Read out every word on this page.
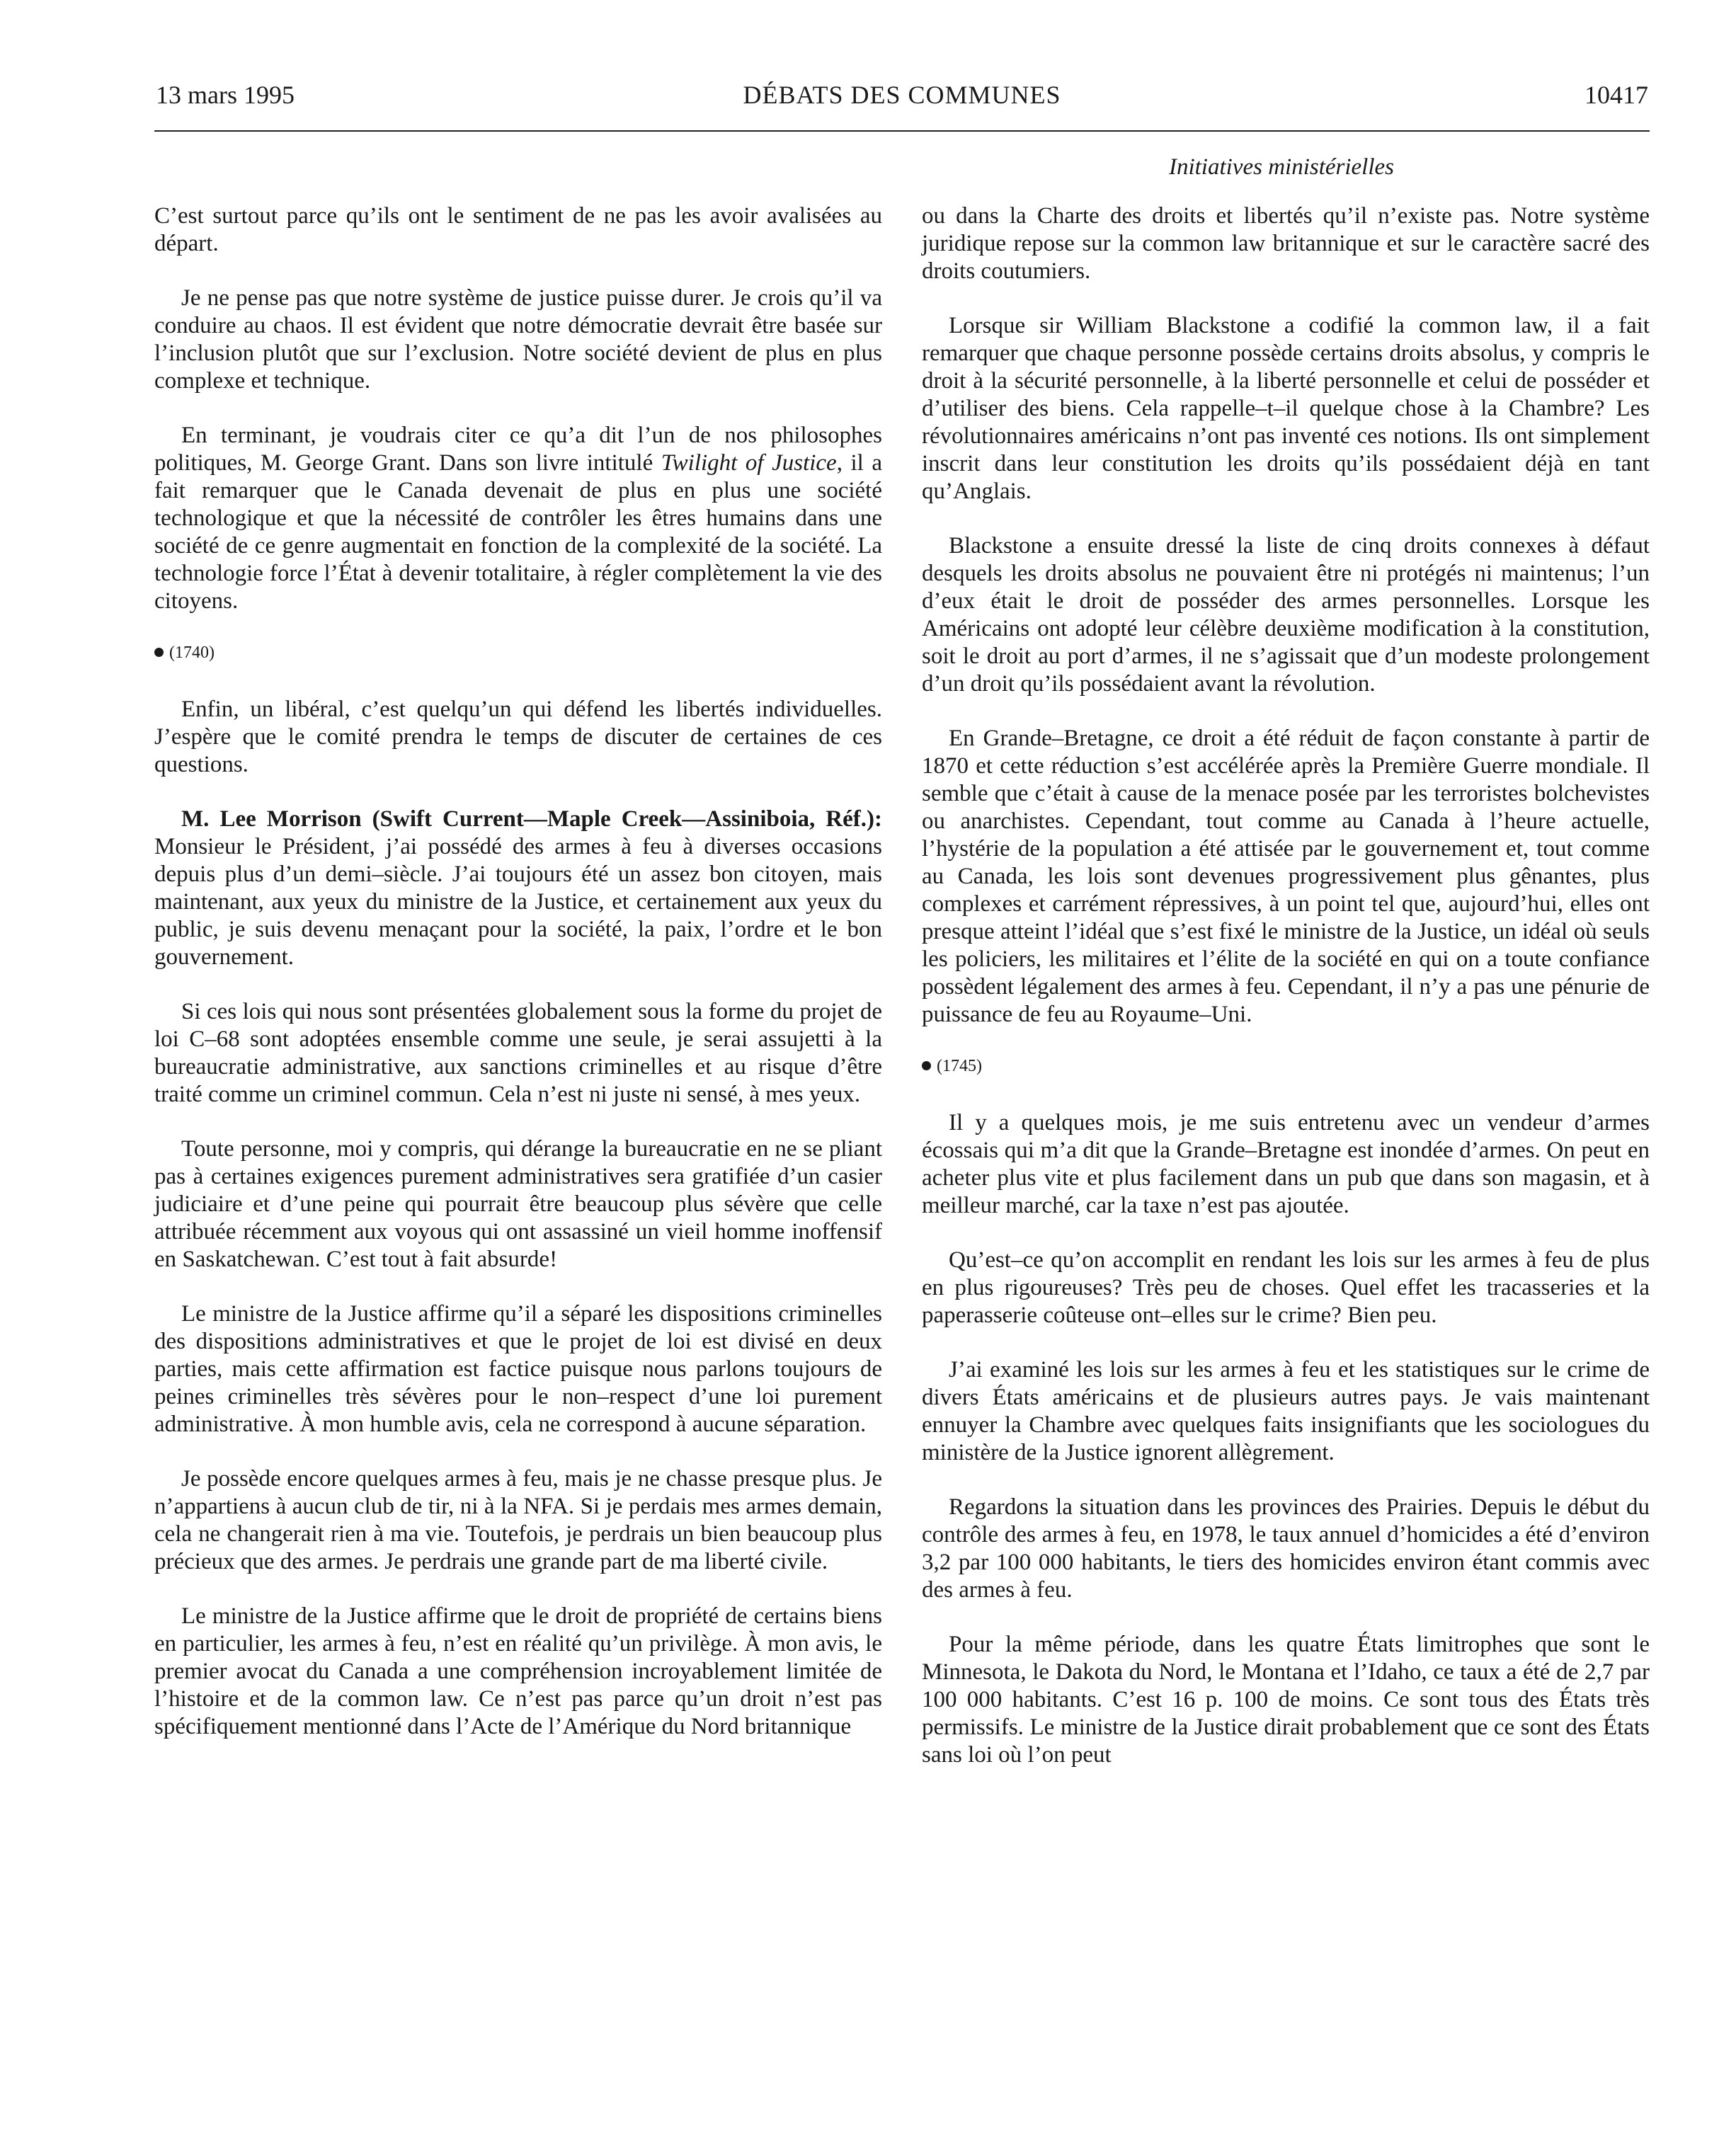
13 mars 1995	DÉBATS DES COMMUNES	10417
Initiatives ministérielles

C’est surtout parce qu’ils ont le sentiment de ne pas les avoir avalisées au départ.

Je ne pense pas que notre système de justice puisse durer. Je crois qu’il va conduire au chaos. Il est évident que notre démocratie devrait être basée sur l’inclusion plutôt que sur l’exclusion. Notre société devient de plus en plus complexe et technique.

En terminant, je voudrais citer ce qu’a dit l’un de nos philosophes politiques, M. George Grant. Dans son livre intitulé Twilight of Justice, il a fait remarquer que le Canada devenait de plus en plus une société technologique et que la nécessité de contrôler les êtres humains dans une société de ce genre augmentait en fonction de la complexité de la société. La technologie force l’État à devenir totalitaire, à régler complètement la vie des citoyens.

(1740)

Enfin, un libéral, c’est quelqu’un qui défend les libertés individuelles. J’espère que le comité prendra le temps de discuter de certaines de ces questions.

M. Lee Morrison (Swift Current—Maple Creek—Assiniboia, Réf.): Monsieur le Président, j’ai possédé des armes à feu à diverses occasions depuis plus d’un demi–siècle. J’ai toujours été un assez bon citoyen, mais maintenant, aux yeux du ministre de la Justice, et certainement aux yeux du public, je suis devenu menaçant pour la société, la paix, l’ordre et le bon gouvernement.

Si ces lois qui nous sont présentées globalement sous la forme du projet de loi C–68 sont adoptées ensemble comme une seule, je serai assujetti à la bureaucratie administrative, aux sanctions criminelles et au risque d’être traité comme un criminel commun. Cela n’est ni juste ni sensé, à mes yeux.

Toute personne, moi y compris, qui dérange la bureaucratie en ne se pliant pas à certaines exigences purement administratives sera gratifiée d’un casier judiciaire et d’une peine qui pourrait être beaucoup plus sévère que celle attribuée récemment aux voyous qui ont assassiné un vieil homme inoffensif en Saskatchewan. C’est tout à fait absurde!

Le ministre de la Justice affirme qu’il a séparé les dispositions criminelles des dispositions administratives et que le projet de loi est divisé en deux parties, mais cette affirmation est factice puisque nous parlons toujours de peines criminelles très sévères pour le non–respect d’une loi purement administrative. À mon humble avis, cela ne correspond à aucune séparation.

Je possède encore quelques armes à feu, mais je ne chasse presque plus. Je n’appartiens à aucun club de tir, ni à la NFA. Si je perdais mes armes demain, cela ne changerait rien à ma vie. Toutefois, je perdrais un bien beaucoup plus précieux que des armes. Je perdrais une grande part de ma liberté civile.

Le ministre de la Justice affirme que le droit de propriété de certains biens en particulier, les armes à feu, n’est en réalité qu’un privilège. À mon avis, le premier avocat du Canada a une compréhension incroyablement limitée de l’histoire et de la common law. Ce n’est pas parce qu’un droit n’est pas spécifiquement mentionné dans l’Acte de l’Amérique du Nord britannique

ou dans la Charte des droits et libertés qu’il n’existe pas. Notre système juridique repose sur la common law britannique et sur le caractère sacré des droits coutumiers.

Lorsque sir William Blackstone a codifié la common law, il a fait remarquer que chaque personne possède certains droits absolus, y compris le droit à la sécurité personnelle, à la liberté personnelle et celui de posséder et d’utiliser des biens. Cela rappelle–t–il quelque chose à la Chambre? Les révolutionnaires américains n’ont pas inventé ces notions. Ils ont simplement inscrit dans leur constitution les droits qu’ils possédaient déjà en tant qu’Anglais.

Blackstone a ensuite dressé la liste de cinq droits connexes à défaut desquels les droits absolus ne pouvaient être ni protégés ni maintenus; l’un d’eux était le droit de posséder des armes personnelles. Lorsque les Américains ont adopté leur célèbre deuxième modification à la constitution, soit le droit au port d’armes, il ne s’agissait que d’un modeste prolongement d’un droit qu’ils possédaient avant la révolution.

En Grande–Bretagne, ce droit a été réduit de façon constante à partir de 1870 et cette réduction s’est accélérée après la Première Guerre mondiale. Il semble que c’était à cause de la menace posée par les terroristes bolchevistes ou anarchistes. Cependant, tout comme au Canada à l’heure actuelle, l’hystérie de la population a été attisée par le gouvernement et, tout comme au Canada, les lois sont devenues progressivement plus gênantes, plus complexes et carrément répressives, à un point tel que, aujourd’hui, elles ont presque atteint l’idéal que s’est fixé le ministre de la Justice, un idéal où seuls les policiers, les militaires et l’élite de la société en qui on a toute confiance possèdent légalement des armes à feu. Cependant, il n’y a pas une pénurie de puissance de feu au Royaume–Uni.

(1745)

Il y a quelques mois, je me suis entretenu avec un vendeur d’armes écossais qui m’a dit que la Grande–Bretagne est inondée d’armes. On peut en acheter plus vite et plus facilement dans un pub que dans son magasin, et à meilleur marché, car la taxe n’est pas ajoutée.

Qu’est–ce qu’on accomplit en rendant les lois sur les armes à feu de plus en plus rigoureuses? Très peu de choses. Quel effet les tracasseries et la paperasserie coûteuse ont–elles sur le crime? Bien peu.

J’ai examiné les lois sur les armes à feu et les statistiques sur le crime de divers États américains et de plusieurs autres pays. Je vais maintenant ennuyer la Chambre avec quelques faits insignifiants que les sociologues du ministère de la Justice ignorent allègrement.

Regardons la situation dans les provinces des Prairies. Depuis le début du contrôle des armes à feu, en 1978, le taux annuel d’homicides a été d’environ 3,2 par 100 000 habitants, le tiers des homicides environ étant commis avec des armes à feu.

Pour la même période, dans les quatre États limitrophes que sont le Minnesota, le Dakota du Nord, le Montana et l’Idaho, ce taux a été de 2,7 par 100 000 habitants. C’est 16 p. 100 de moins. Ce sont tous des États très permissifs. Le ministre de la Justice dirait probablement que ce sont des États sans loi où l’on peut
